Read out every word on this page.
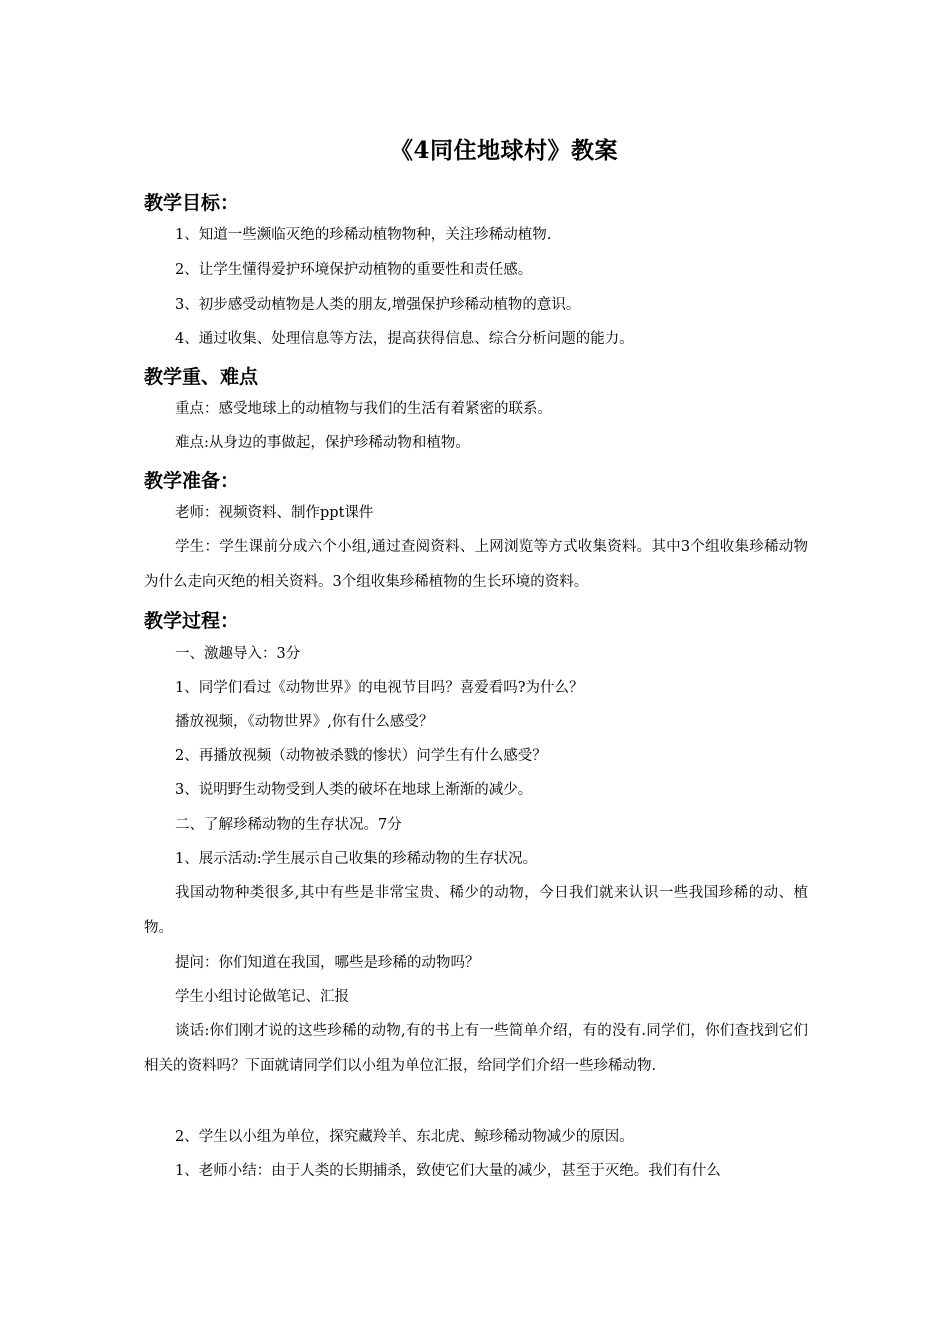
《4同住地球村》教案
教学目标：

1、知道一些濒临灭绝的珍稀动植物物种，关注珍稀动植物.

2、让学生懂得爱护环境保护动植物的重要性和责任感。

3、初步感受动植物是人类的朋友,增强保护珍稀动植物的意识。

4、通过收集、处理信息等方法，提高获得信息、综合分析问题的能力。

教学重、难点

重点：感受地球上的动植物与我们的生活有着紧密的联系。

难点:从身边的事做起，保护珍稀动物和植物。

教学准备：

老师：视频资料、制作ppt课件

学生：学生课前分成六个小组,通过查阅资料、上网浏览等方式收集资料。其中3个组收集珍稀动物为什么走向灭绝的相关资料。3个组收集珍稀植物的生长环境的资料。

教学过程：

一、激趣导入：3分

1、同学们看过《动物世界》的电视节目吗？喜爱看吗?为什么？

播放视频，《动物世界》,你有什么感受？

2、再播放视频（动物被杀戮的惨状）问学生有什么感受？

3、说明野生动物受到人类的破坏在地球上渐渐的减少。

二、了解珍稀动物的生存状况。7分

1、展示活动:学生展示自己收集的珍稀动物的生存状况。

我国动物种类很多,其中有些是非常宝贵、稀少的动物，今日我们就来认识一些我国珍稀的动、植物。

提问：你们知道在我国，哪些是珍稀的动物吗？

学生小组讨论做笔记、汇报

谈话:你们刚才说的这些珍稀的动物,有的书上有一些简单介绍，有的没有.同学们，你们查找到它们相关的资料吗？下面就请同学们以小组为单位汇报，给同学们介绍一些珍稀动物.

2、学生以小组为单位，探究藏羚羊、东北虎、鲸珍稀动物减少的原因。

1、老师小结：由于人类的长期捕杀，致使它们大量的减少，甚至于灭绝。我们有什么
